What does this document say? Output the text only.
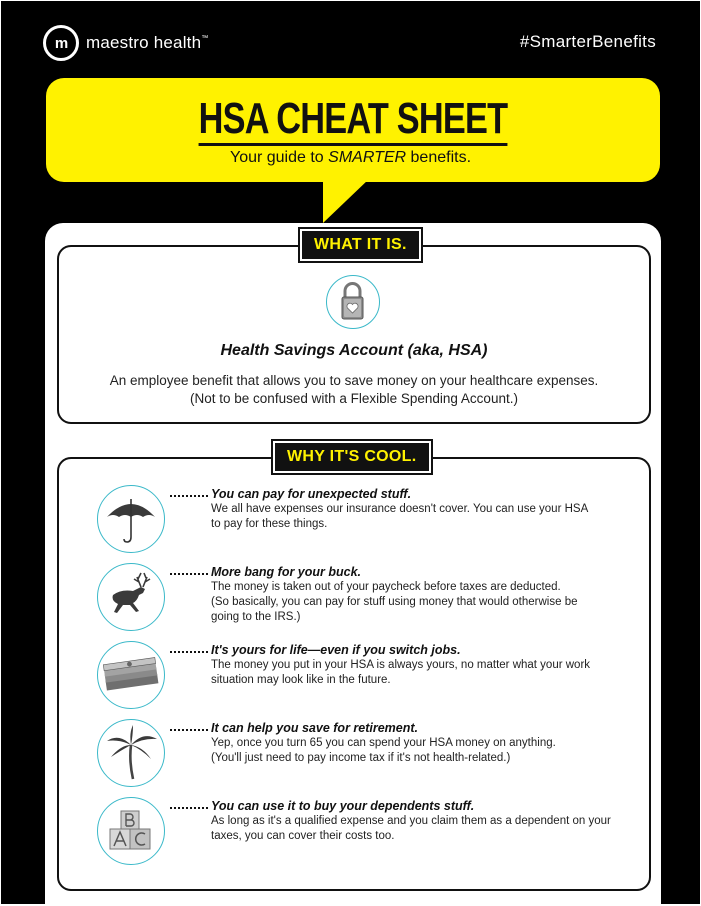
m maestro health™	#SmarterBenefits
HSA CHEAT SHEET
Your guide to SMARTER benefits.
WHAT IT IS.
Health Savings Account (aka, HSA)
An employee benefit that allows you to save money on your healthcare expenses.
(Not to be confused with a Flexible Spending Account.)
WHY IT'S COOL.
You can pay for unexpected stuff.
We all have expenses our insurance doesn't cover. You can use your HSA
to pay for these things.
More bang for your buck.
The money is taken out of your paycheck before taxes are deducted.
(So basically, you can pay for stuff using money that would otherwise be
going to the IRS.)
It's yours for life—even if you switch jobs.
The money you put in your HSA is always yours, no matter what your work
situation may look like in the future.
It can help you save for retirement.
Yep, once you turn 65 you can spend your HSA money on anything.
(You'll just need to pay income tax if it's not health-related.)
You can use it to buy your dependents stuff.
As long as it's a qualified expense and you claim them as a dependent on your
taxes, you can cover their costs too.
